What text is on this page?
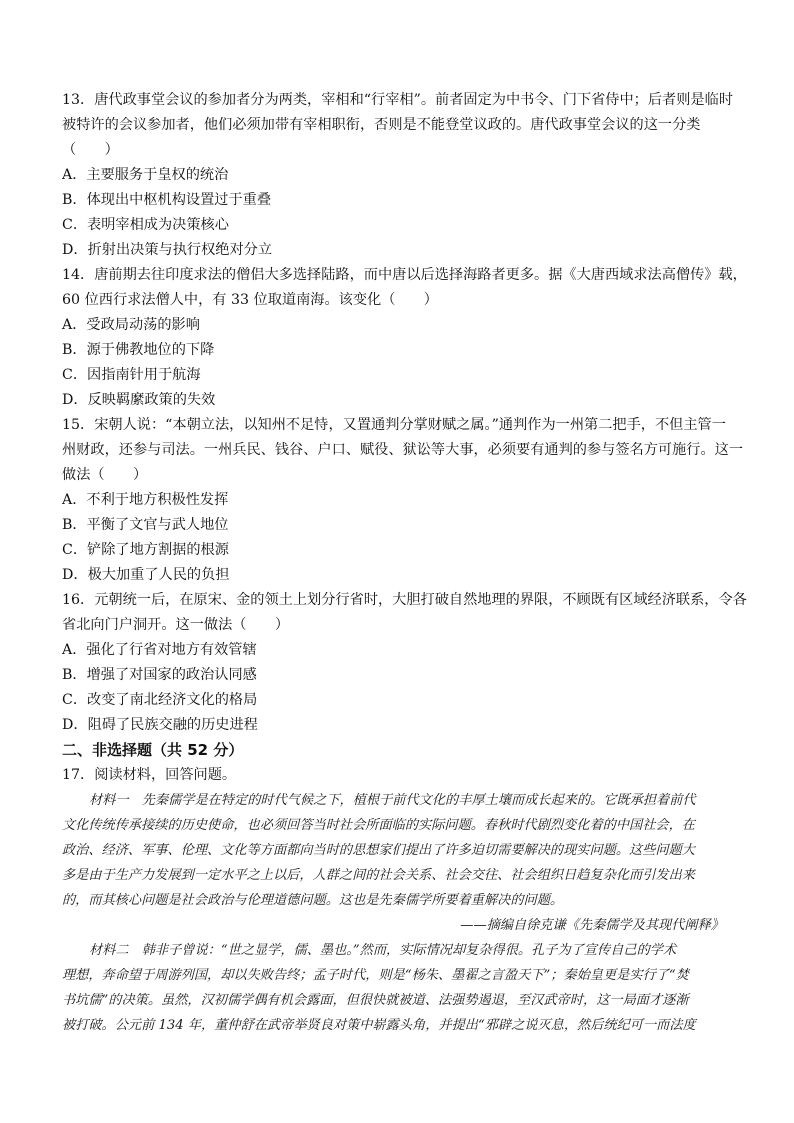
13．唐代政事堂会议的参加者分为两类，宰相和“行宰相”。前者固定为中书令、门下省侍中；后者则是临时
被特许的会议参加者，他们必须加带有宰相职衔，否则是不能登堂议政的。唐代政事堂会议的这一分类
（　　）
A．主要服务于皇权的统治
B．体现出中枢机构设置过于重叠
C．表明宰相成为决策核心
D．折射出决策与执行权绝对分立
14．唐前期去往印度求法的僧侣大多选择陆路，而中唐以后选择海路者更多。据《大唐西域求法高僧传》载，
60 位西行求法僧人中，有 33 位取道南海。该变化（　　）
A．受政局动荡的影响
B．源于佛教地位的下降
C．因指南针用于航海
D．反映羁縻政策的失效
15．宋朝人说：“本朝立法，以知州不足恃，又置通判分掌财赋之属。”通判作为一州第二把手，不但主管一
州财政，还参与司法。一州兵民、钱谷、户口、赋役、狱讼等大事，必须要有通判的参与签名方可施行。这一
做法（　　）
A．不利于地方积极性发挥
B．平衡了文官与武人地位
C．铲除了地方割据的根源
D．极大加重了人民的负担
16．元朝统一后，在原宋、金的领土上划分行省时，大胆打破自然地理的界限，不顾既有区域经济联系，令各
省北向门户洞开。这一做法（　　）
A．强化了行省对地方有效管辖
B．增强了对国家的政治认同感
C．改变了南北经济文化的格局
D．阻碍了民族交融的历史进程
二、非选择题（共 52 分）
17．阅读材料，回答问题。
材料一　先秦儒学是在特定的时代气候之下，植根于前代文化的丰厚土壤而成长起来的。它既承担着前代
文化传统传承接续的历史使命，也必须回答当时社会所面临的实际问题。春秋时代剧烈变化着的中国社会，在
政治、经济、军事、伦理、文化等方面都向当时的思想家们提出了许多迫切需要解决的现实问题。这些问题大
多是由于生产力发展到一定水平之上以后，人群之间的社会关系、社会交往、社会组织日趋复杂化而引发出来
的，而其核心问题是社会政治与伦理道德问题。这也是先秦儒学所要着重解决的问题。
——摘编自徐克谦《先秦儒学及其现代阐释》
材料二　韩非子曾说：“世之显学，儒、墨也。”然而，实际情况却复杂得很。孔子为了宣传自己的学术
理想，奔命望于周游列国，却以失败告终；孟子时代，则是“杨朱、墨翟之言盈天下”；秦始皇更是实行了“焚
书坑儒”的决策。虽然，汉初儒学偶有机会露面，但很快就被道、法强势遏退，至汉武帝时，这一局面才逐渐
被打破。公元前 134 年，董仲舒在武帝举贤良对策中崭露头角，并提出“邪辟之说灭息，然后统纪可一而法度
